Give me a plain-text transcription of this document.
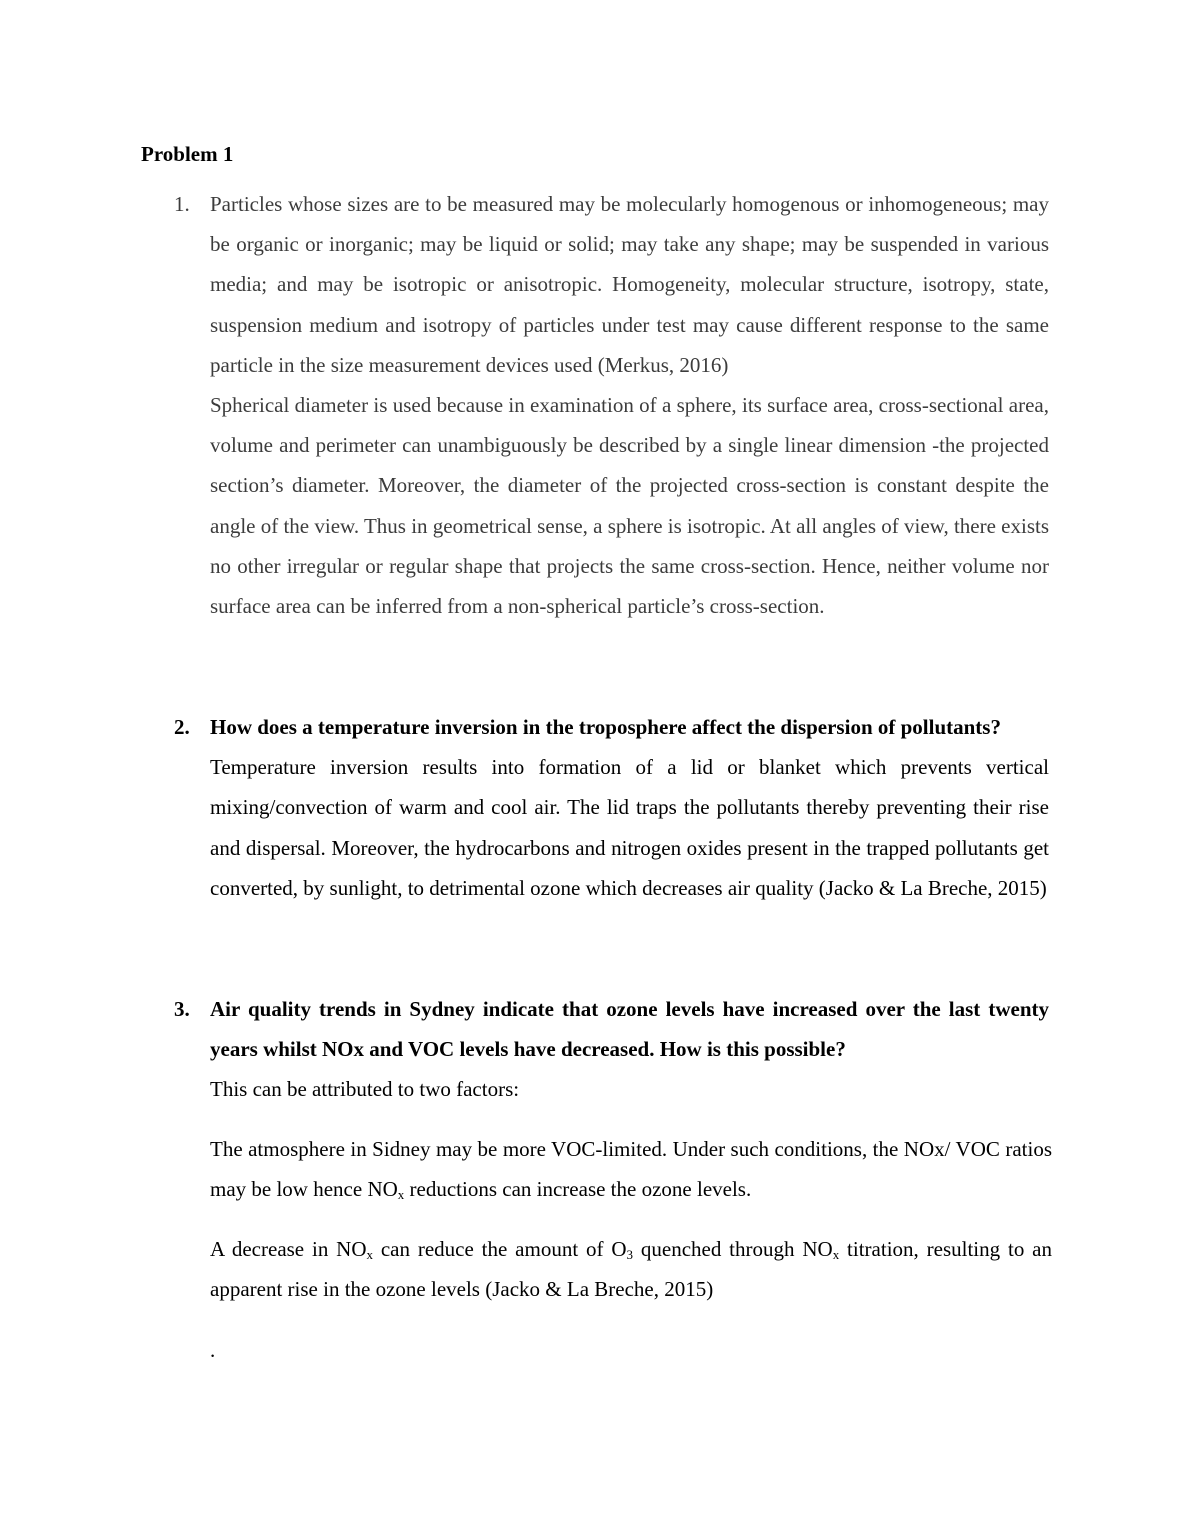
Problem 1
1. Particles whose sizes are to be measured may be molecularly homogenous or inhomogeneous; may be organic or inorganic; may be liquid or solid; may take any shape; may be suspended in various media; and may be isotropic or anisotropic. Homogeneity, molecular structure, isotropy, state, suspension medium and isotropy of particles under test may cause different response to the same particle in the size measurement devices used (Merkus, 2016)

Spherical diameter is used because in examination of a sphere, its surface area, cross-sectional area, volume and perimeter can unambiguously be described by a single linear dimension -the projected section’s diameter. Moreover, the diameter of the projected cross-section is constant despite the angle of the view. Thus in geometrical sense, a sphere is isotropic. At all angles of view, there exists no other irregular or regular shape that projects the same cross-section. Hence, neither volume nor surface area can be inferred from a non-spherical particle’s cross-section.

2. How does a temperature inversion in the troposphere affect the dispersion of pollutants?

Temperature inversion results into formation of a lid or blanket which prevents vertical mixing/convection of warm and cool air. The lid traps the pollutants thereby preventing their rise and dispersal. Moreover, the hydrocarbons and nitrogen oxides present in the trapped pollutants get converted, by sunlight, to detrimental ozone which decreases air quality (Jacko & La Breche, 2015)

3. Air quality trends in Sydney indicate that ozone levels have increased over the last twenty years whilst NOx and VOC levels have decreased. How is this possible?

This can be attributed to two factors:

The atmosphere in Sidney may be more VOC-limited. Under such conditions, the NOx/ VOC ratios may be low hence $NO_x$ reductions can increase the ozone levels.

A decrease in $NO_x$ can reduce the amount of $O_3$ quenched through $NO_x$ titration, resulting to an apparent rise in the ozone levels (Jacko & La Breche, 2015)

.
